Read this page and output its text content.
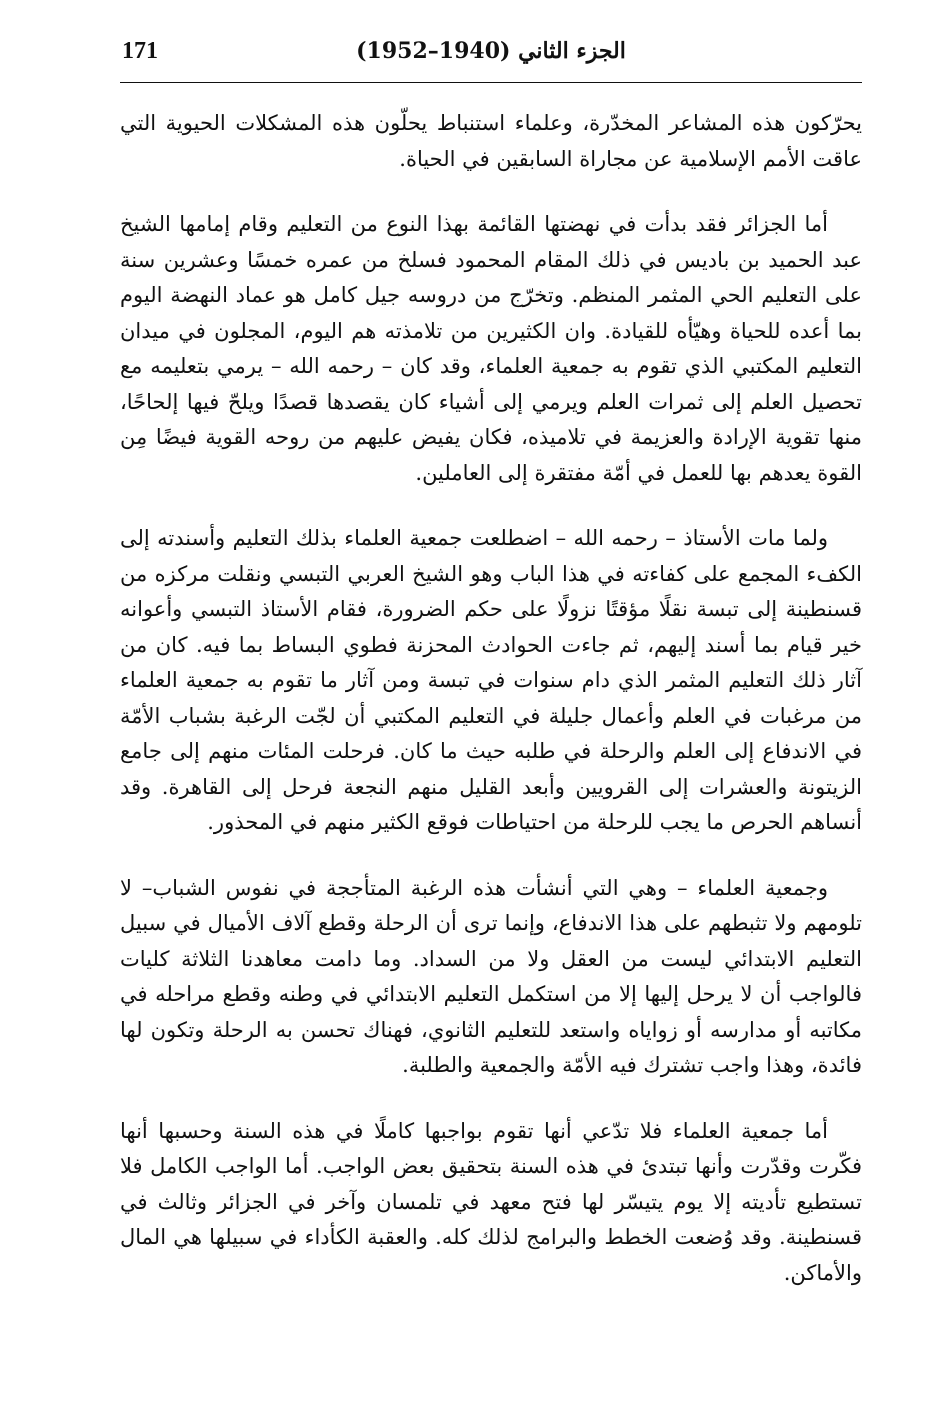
171	الجزء الثاني (1940–1952)

يحرّكون هذه المشاعر المخدّرة، وعلماء استنباط يحلّون هذه المشكلات الحيوية التي عاقت الأمم الإسلامية عن مجاراة السابقين في الحياة.

أما الجزائر فقد بدأت في نهضتها القائمة بهذا النوع من التعليم وقام إمامها الشيخ عبد الحميد بن باديس في ذلك المقام المحمود فسلخ من عمره خمسًا وعشرين سنة على التعليم الحي المثمر المنظم. وتخرّج من دروسه جيل كامل هو عماد النهضة اليوم بما أعده للحياة وهيّأه للقيادة. وان الكثيرين من تلامذته هم اليوم، المجلون في ميدان التعليم المكتبي الذي تقوم به جمعية العلماء، وقد كان – رحمه الله – يرمي بتعليمه مع تحصيل العلم إلى ثمرات العلم ويرمي إلى أشياء كان يقصدها قصدًا ويلحّ فيها إلحاحًا، منها تقوية الإرادة والعزيمة في تلاميذه، فكان يفيض عليهم من روحه القوية فيضًا مِن القوة يعدهم بها للعمل في أمّة مفتقرة إلى العاملين.

ولما مات الأستاذ – رحمه الله – اضطلعت جمعية العلماء بذلك التعليم وأسندته إلى الكفء المجمع على كفاءته في هذا الباب وهو الشيخ العربي التبسي ونقلت مركزه من قسنطينة إلى تبسة نقلًا مؤقتًا نزولًا على حكم الضرورة، فقام الأستاذ التبسي وأعوانه خير قيام بما أسند إليهم، ثم جاءت الحوادث المحزنة فطوي البساط بما فيه. كان من آثار ذلك التعليم المثمر الذي دام سنوات في تبسة ومن آثار ما تقوم به جمعية العلماء من مرغبات في العلم وأعمال جليلة في التعليم المكتبي أن لجّت الرغبة بشباب الأمّة في الاندفاع إلى العلم والرحلة في طلبه حيث ما كان. فرحلت المئات منهم إلى جامع الزيتونة والعشرات إلى القرويين وأبعد القليل منهم النجعة فرحل إلى القاهرة. وقد أنساهم الحرص ما يجب للرحلة من احتياطات فوقع الكثير منهم في المحذور.

وجمعية العلماء – وهي التي أنشأت هذه الرغبة المتأججة في نفوس الشباب– لا تلومهم ولا تثبطهم على هذا الاندفاع، وإنما ترى أن الرحلة وقطع آلاف الأميال في سبيل التعليم الابتدائي ليست من العقل ولا من السداد. وما دامت معاهدنا الثلاثة كليات فالواجب أن لا يرحل إليها إلا من استكمل التعليم الابتدائي في وطنه وقطع مراحله في مكاتبه أو مدارسه أو زواياه واستعد للتعليم الثانوي، فهناك تحسن به الرحلة وتكون لها فائدة، وهذا واجب تشترك فيه الأمّة والجمعية والطلبة.

أما جمعية العلماء فلا تدّعي أنها تقوم بواجبها كاملًا في هذه السنة وحسبها أنها فكّرت وقدّرت وأنها تبتدئ في هذه السنة بتحقيق بعض الواجب. أما الواجب الكامل فلا تستطيع تأديته إلا يوم يتيسّر لها فتح معهد في تلمسان وآخر في الجزائر وثالث في قسنطينة. وقد وُضعت الخطط والبرامج لذلك كله. والعقبة الكأداء في سبيلها هي المال والأماكن.
